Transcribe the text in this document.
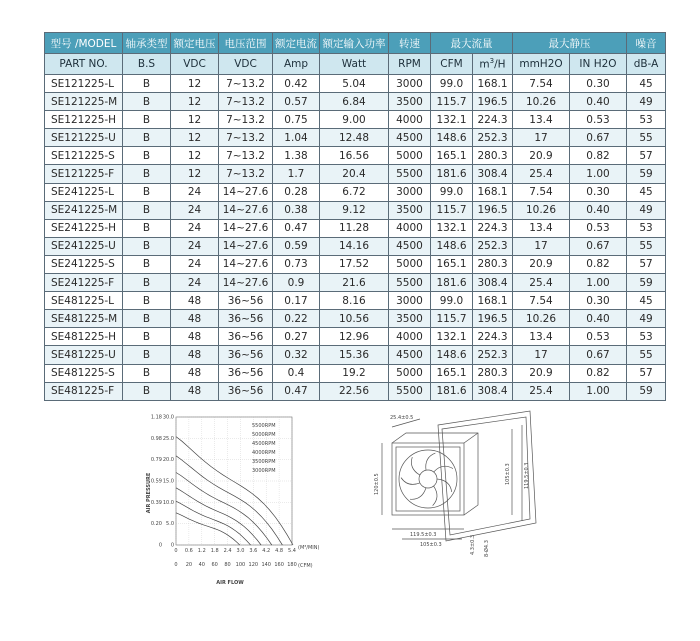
型号 /MODEL	轴承类型	额定电压	电压范围	额定电流	额定输入功率	转速	最大流量		最大静压		噪音
PART NO.	B.S	VDC	VDC	Amp	Watt	RPM	CFM	$m^3/H$	mmH2O	IN H2O	dB-A
SE121225-L	B	12	7~13.2	0.42	5.04	3000	99.0	168.1	7.54	0.30	45
SE121225-M	B	12	7~13.2	0.57	6.84	3500	115.7	196.5	10.26	0.40	49
SE121225-H	B	12	7~13.2	0.75	9.00	4000	132.1	224.3	13.4	0.53	53
SE121225-U	B	12	7~13.2	1.04	12.48	4500	148.6	252.3	17	0.67	55
SE121225-S	B	12	7~13.2	1.38	16.56	5000	165.1	280.3	20.9	0.82	57
SE121225-F	B	12	7~13.2	1.7	20.4	5500	181.6	308.4	25.4	1.00	59
SE241225-L	B	24	14~27.6	0.28	6.72	3000	99.0	168.1	7.54	0.30	45
SE241225-M	B	24	14~27.6	0.38	9.12	3500	115.7	196.5	10.26	0.40	49
SE241225-H	B	24	14~27.6	0.47	11.28	4000	132.1	224.3	13.4	0.53	53
SE241225-U	B	24	14~27.6	0.59	14.16	4500	148.6	252.3	17	0.67	55
SE241225-S	B	24	14~27.6	0.73	17.52	5000	165.1	280.3	20.9	0.82	57
SE241225-F	B	24	14~27.6	0.9	21.6	5500	181.6	308.4	25.4	1.00	59
SE481225-L	B	48	36~56	0.17	8.16	3000	99.0	168.1	7.54	0.30	45
SE481225-M	B	48	36~56	0.22	10.56	3500	115.7	196.5	10.26	0.40	49
SE481225-H	B	48	36~56	0.27	12.96	4000	132.1	224.3	13.4	0.53	53
SE481225-U	B	48	36~56	0.32	15.36	4500	148.6	252.3	17	0.67	55
SE481225-S	B	48	36~56	0.4	19.2	5000	165.1	280.3	20.9	0.82	57
SE481225-F	B	48	36~56	0.47	22.56	5500	181.6	308.4	25.4	1.00	59
0
0
20
0.6
40
1.2
60
1.8
80
2.4
100
3.0
120
3.6
140
4.2
160
4.8
180
5.4
0
0
5.0
0.20
10.0
0.39
15.0
0.59
20.0
0.79
25.0
0.98
30.0
1.18
5500RPM
5000RPM
4500RPM
4000RPM
3500RPM
3000RPM
AIR PRESSURE
AIR FLOW
(M³/MIN)
(CFM)
25.4±0.5
120±0.5
119.5±0.3
105±0.3	119.5±0.3
4.3±0.3 8-Ø4.3
105±0.3
